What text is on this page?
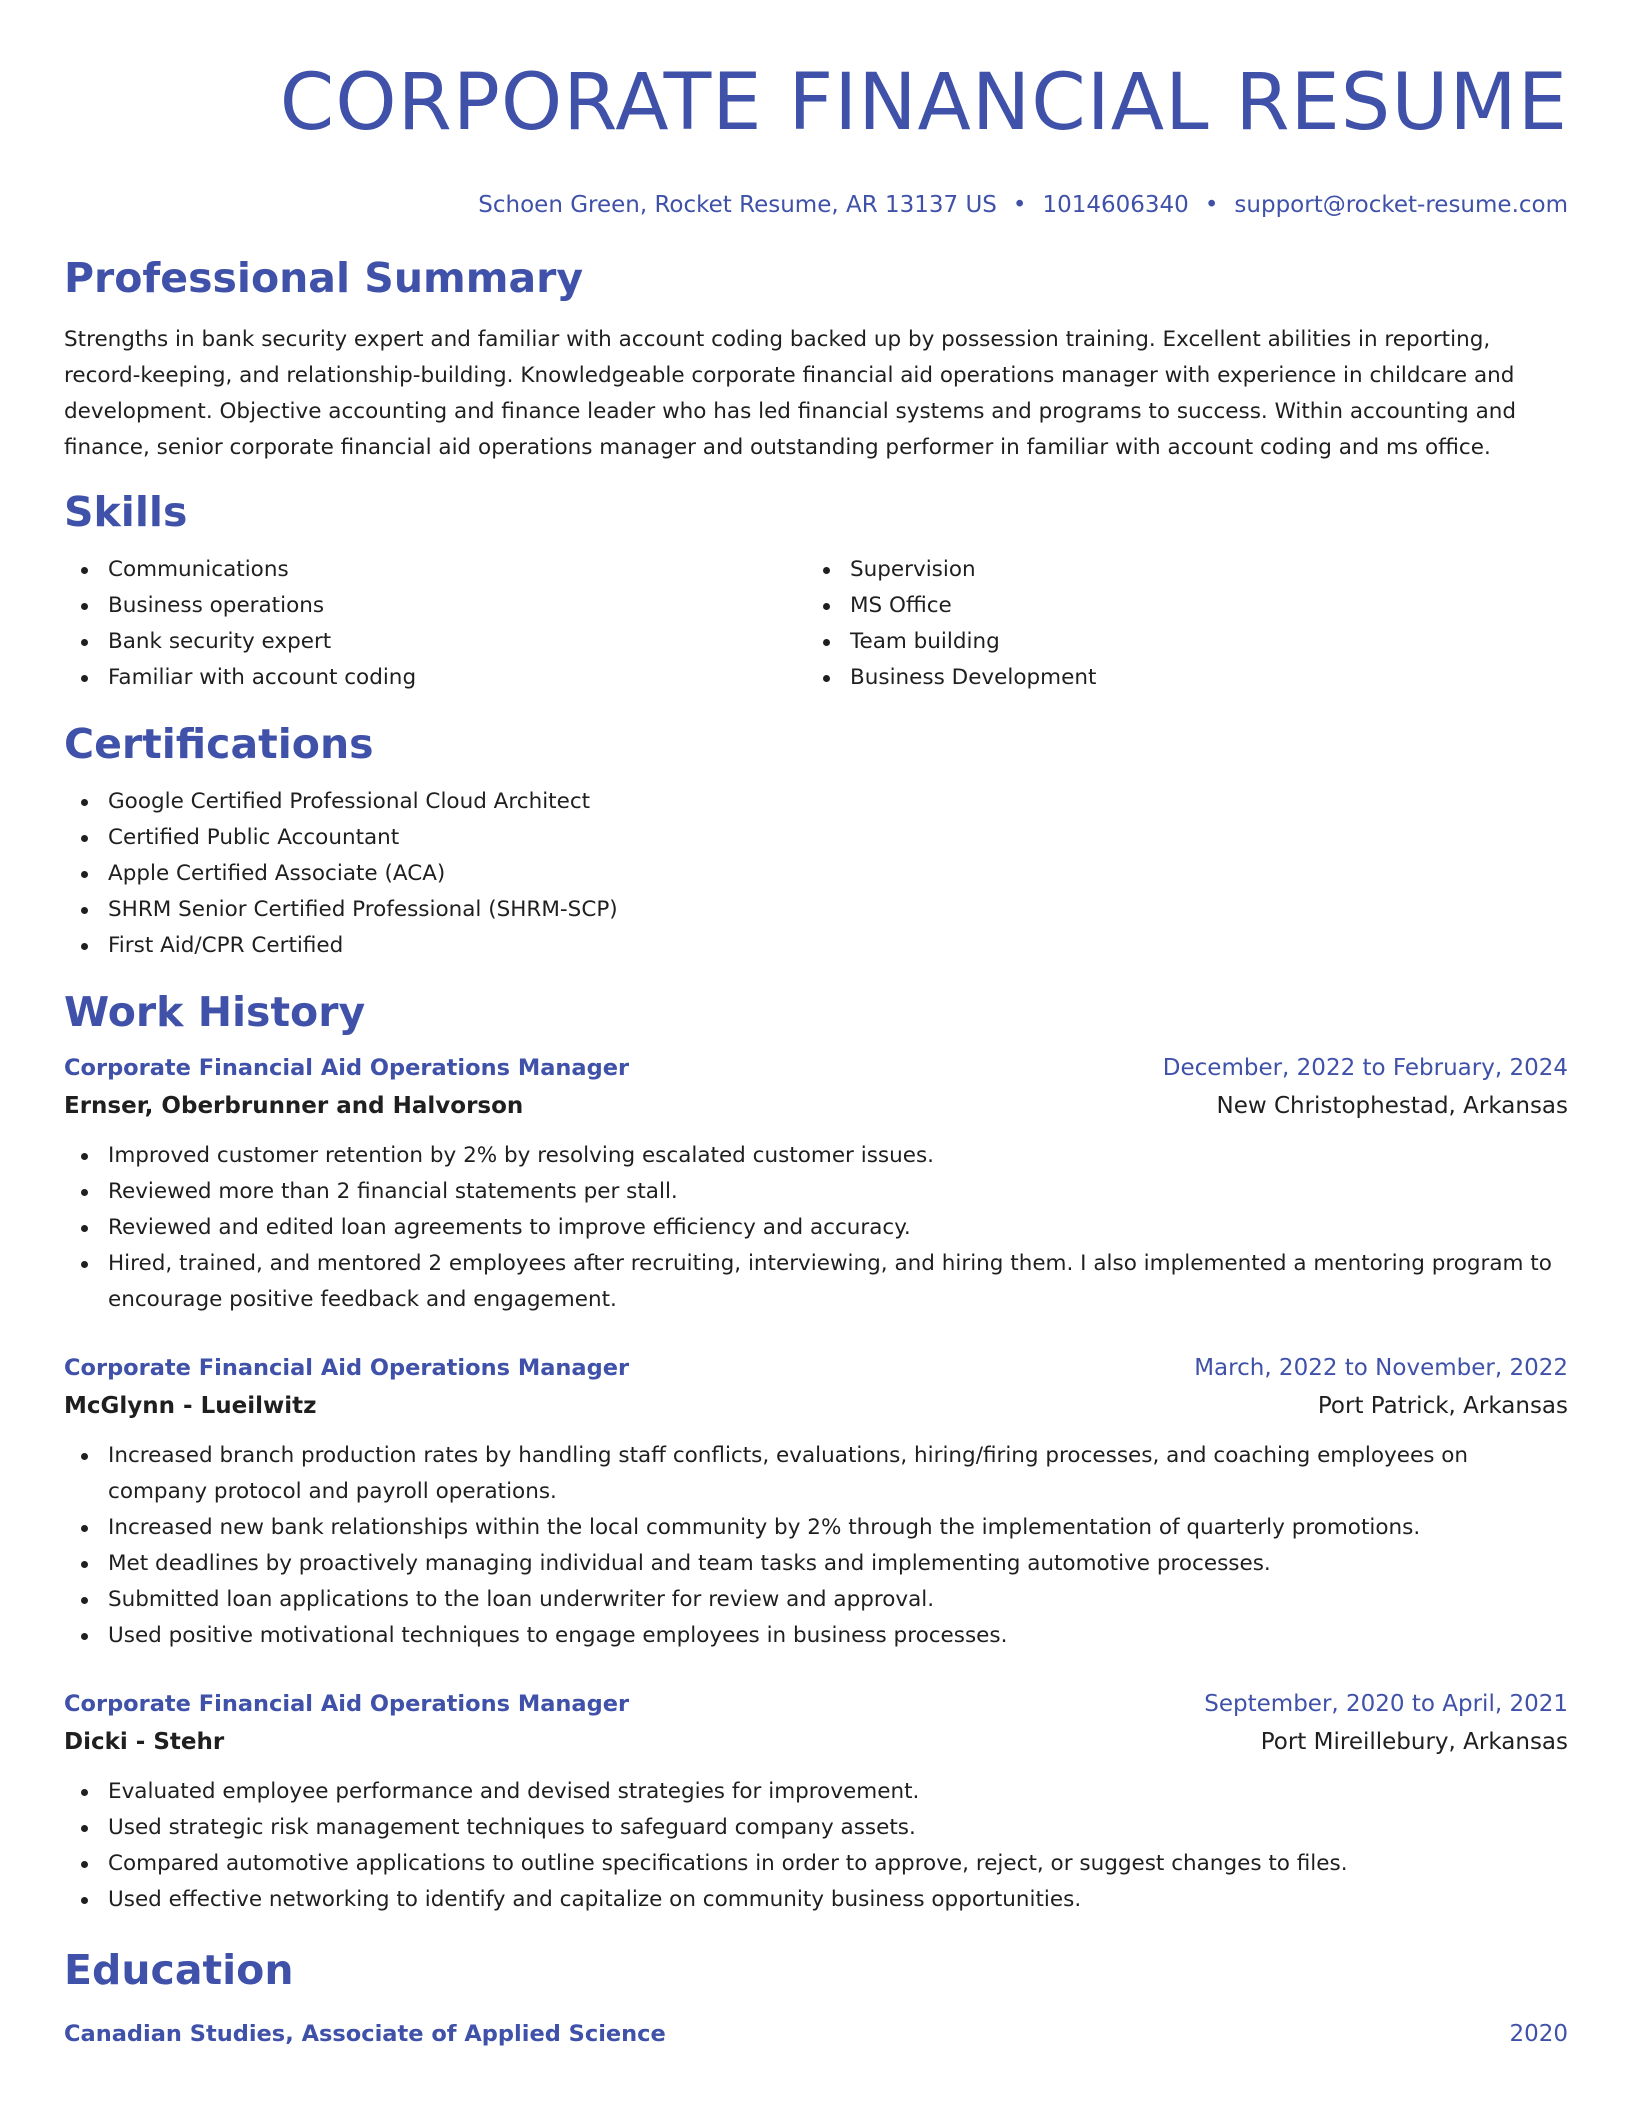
CORPORATE FINANCIAL RESUME
Schoen Green, Rocket Resume, AR 13137 US • 1014606340 • support@rocket-resume.com
Professional Summary

Strengths in bank security expert and familiar with account coding backed up by possession training. Excellent abilities in reporting, record-keeping, and relationship-building. Knowledgeable corporate financial aid operations manager with experience in childcare and development. Objective accounting and finance leader who has led financial systems and programs to success. Within accounting and finance, senior corporate financial aid operations manager and outstanding performer in familiar with account coding and ms office.

Skills
Communications
Business operations
Bank security expert
Familiar with account coding
Supervision
MS Office
Team building
Business Development
Certifications
Google Certified Professional Cloud Architect
Certified Public Accountant
Apple Certified Associate (ACA)
SHRM Senior Certified Professional (SHRM-SCP)
First Aid/CPR Certified
Work History
Corporate Financial Aid Operations Manager	December, 2022 to February, 2024
Ernser, Oberbrunner and Halvorson	New Christophestad, Arkansas
Improved customer retention by 2% by resolving escalated customer issues.
Reviewed more than 2 financial statements per stall.
Reviewed and edited loan agreements to improve efficiency and accuracy.
Hired, trained, and mentored 2 employees after recruiting, interviewing, and hiring them. I also implemented a mentoring program to encourage positive feedback and engagement.
Corporate Financial Aid Operations Manager	March, 2022 to November, 2022
McGlynn - Lueilwitz	Port Patrick, Arkansas
Increased branch production rates by handling staff conflicts, evaluations, hiring/firing processes, and coaching employees on company protocol and payroll operations.
Increased new bank relationships within the local community by 2% through the implementation of quarterly promotions.
Met deadlines by proactively managing individual and team tasks and implementing automotive processes.
Submitted loan applications to the loan underwriter for review and approval.
Used positive motivational techniques to engage employees in business processes.
Corporate Financial Aid Operations Manager	September, 2020 to April, 2021
Dicki - Stehr	Port Mireillebury, Arkansas
Evaluated employee performance and devised strategies for improvement.
Used strategic risk management techniques to safeguard company assets.
Compared automotive applications to outline specifications in order to approve, reject, or suggest changes to files.
Used effective networking to identify and capitalize on community business opportunities.
Education
Canadian Studies, Associate of Applied Science	2020
